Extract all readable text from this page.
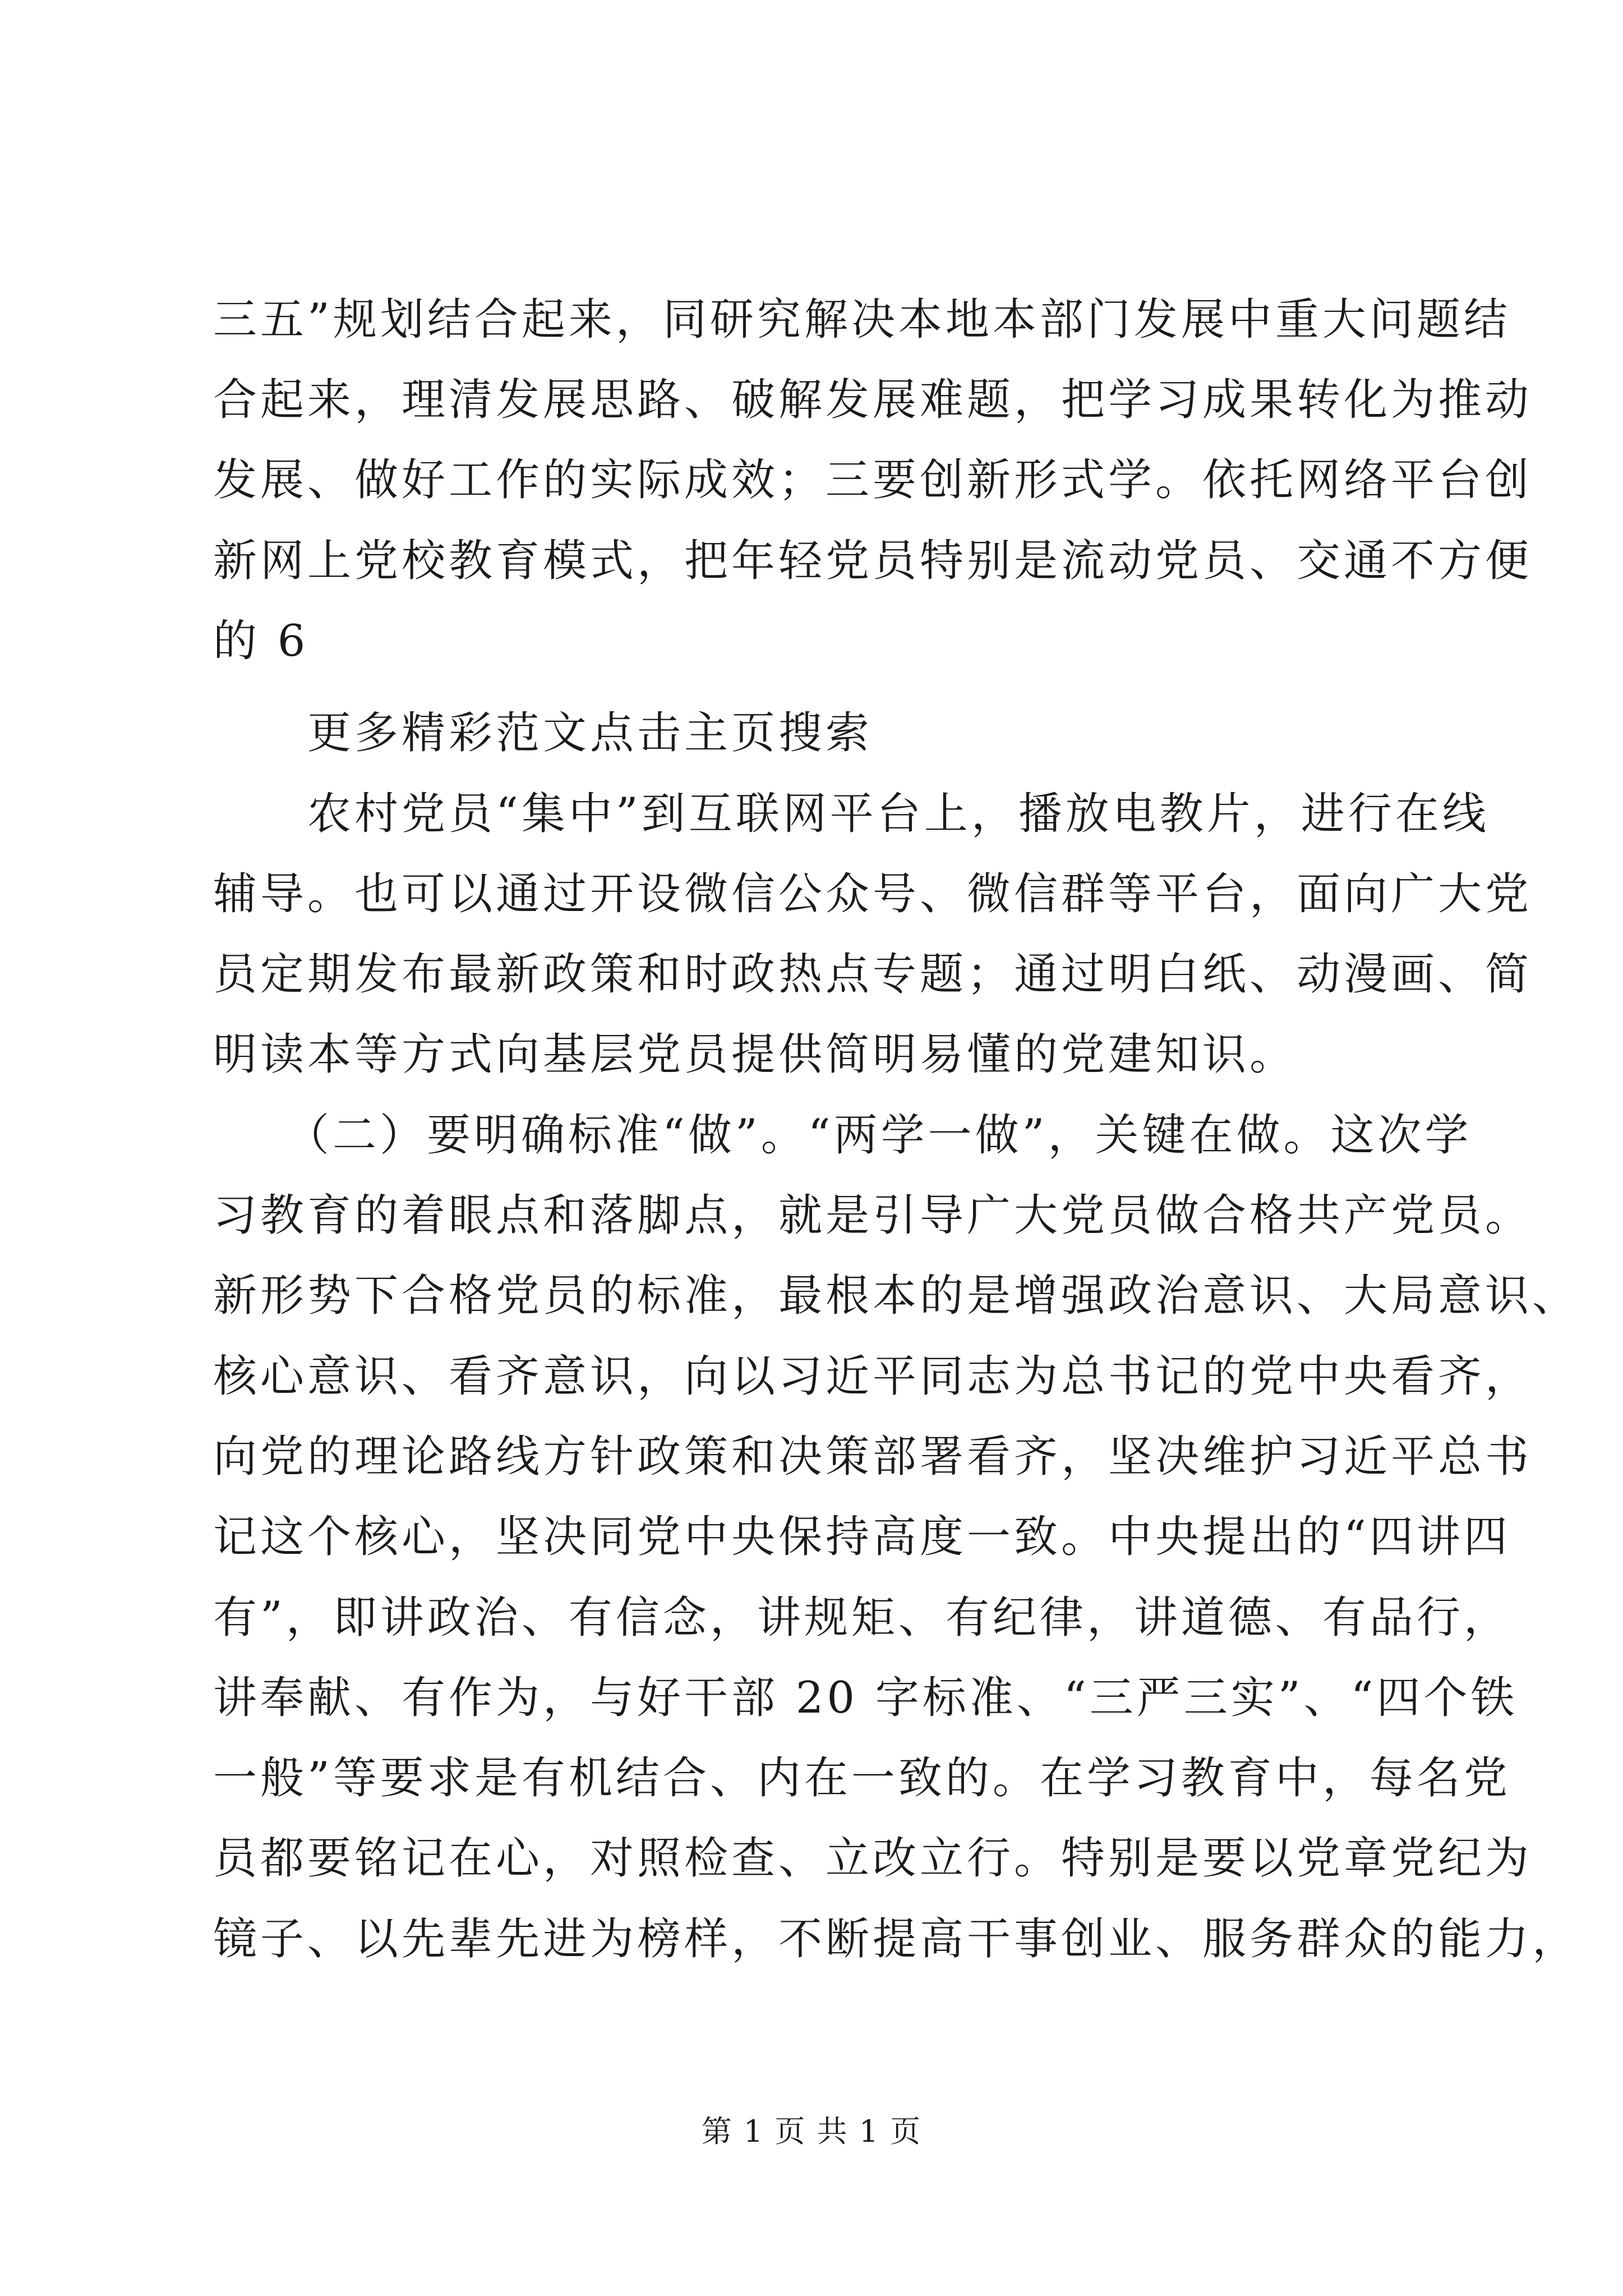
三五”规划结合起来，同研究解决本地本部门发展中重大问题结
合起来，理清发展思路、破解发展难题，把学习成果转化为推动
发展、做好工作的实际成效；三要创新形式学。依托网络平台创
新网上党校教育模式，把年轻党员特别是流动党员、交通不方便
的 6
　　更多精彩范文点击主页搜索
　　农村党员“集中”到互联网平台上，播放电教片，进行在线
辅导。也可以通过开设微信公众号、微信群等平台，面向广大党
员定期发布最新政策和时政热点专题；通过明白纸、动漫画、简
明读本等方式向基层党员提供简明易懂的党建知识。
　　（二）要明确标准“做”。“两学一做”，关键在做。这次学
习教育的着眼点和落脚点，就是引导广大党员做合格共产党员。
新形势下合格党员的标准，最根本的是增强政治意识、大局意识、
核心意识、看齐意识，向以习近平同志为总书记的党中央看齐，
向党的理论路线方针政策和决策部署看齐，坚决维护习近平总书
记这个核心，坚决同党中央保持高度一致。中央提出的“四讲四
有”，即讲政治、有信念，讲规矩、有纪律，讲道德、有品行，
讲奉献、有作为，与好干部 20 字标准、“三严三实”、“四个铁
一般”等要求是有机结合、内在一致的。在学习教育中，每名党
员都要铭记在心，对照检查、立改立行。特别是要以党章党纪为
镜子、以先辈先进为榜样，不断提高干事创业、服务群众的能力，
第 1 页 共 1 页
